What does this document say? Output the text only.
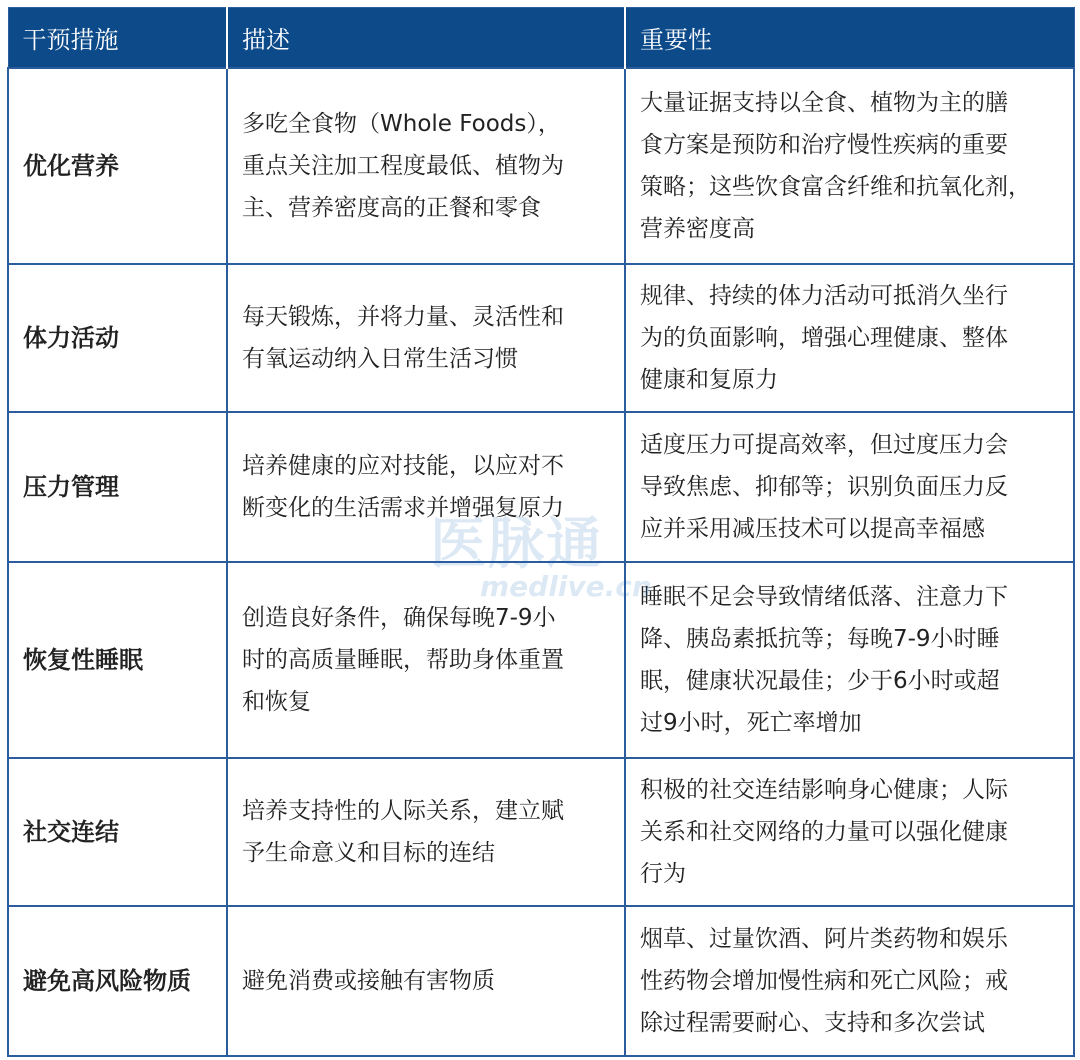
干预措施	描述	重要性
优化营养	多吃全食物（Whole Foods），
重点关注加工程度最低、植物为
主、营养密度高的正餐和零食	大量证据支持以全食、植物为主的膳
食方案是预防和治疗慢性疾病的重要
策略；这些饮食富含纤维和抗氧化剂，
营养密度高

体力活动	每天锻炼，并将力量、灵活性和
有氧运动纳入日常生活习惯	规律、持续的体力活动可抵消久坐行
为的负面影响，增强心理健康、整体
健康和复原力

压力管理	培养健康的应对技能，以应对不
断变化的生活需求并增强复原力	适度压力可提高效率，但过度压力会
导致焦虑、抑郁等；识别负面压力反
应并采用减压技术可以提高幸福感

恢复性睡眠	创造良好条件，确保每晚7-9小
时的高质量睡眠，帮助身体重置
和恢复	睡眠不足会导致情绪低落、注意力下
降、胰岛素抵抗等；每晚7-9小时睡
眠，健康状况最佳；少于6小时或超
过9小时，死亡率增加

社交连结	培养支持性的人际关系，建立赋
予生命意义和目标的连结	积极的社交连结影响身心健康；人际
关系和社交网络的力量可以强化健康
行为

避免高风险物质	避免消费或接触有害物质	烟草、过量饮酒、阿片类药物和娱乐
性药物会增加慢性病和死亡风险；戒
除过程需要耐心、支持和多次尝试
医脉通
medlive.cn
